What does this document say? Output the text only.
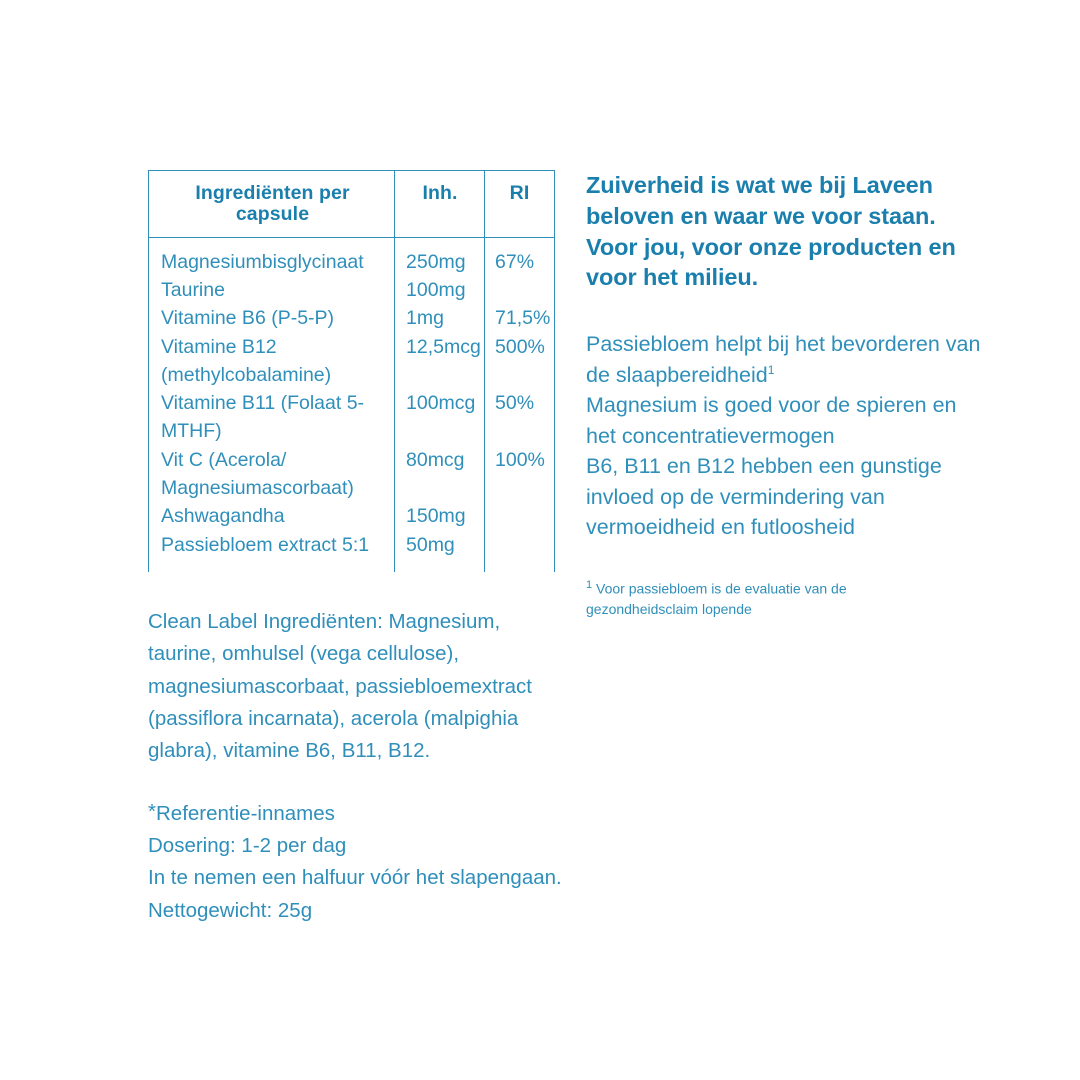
Ingrediënten per capsule	Inh.	RI
Magnesiumbisglycinaat	250mg	67%
Taurine	100mg	
Vitamine B6 (P-5-P)	1mg	71,5%
Vitamine B12 (methylcobalamine)	12,5mcg	500%
Vitamine B11 (Folaat 5-MTHF)	100mcg	50%
Vit C (Acerola/ Magnesiumascorbaat)	80mcg	100%
Ashwagandha	150mg	
Passiebloem extract 5:1	50mg	
Clean Label Ingrediënten: Magnesium, taurine, omhulsel (vega cellulose), magnesiumascorbaat, passiebloemextract (passiflora incarnata), acerola (malpighia glabra), vitamine B6, B11, B12.
*Referentie-innames
Dosering: 1-2 per dag
In te nemen een halfuur vóór het slapengaan.
Nettogewicht: 25g
Zuiverheid is wat we bij Laveen beloven en waar we voor staan. Voor jou, voor onze producten en voor het milieu.

Passiebloem helpt bij het bevorderen van de slaapbereidheid$^1$

Magnesium is goed voor de spieren en het concentratievermogen

B6, B11 en B12 hebben een gunstige invloed op de vermindering van vermoeidheid en futloosheid

$^1$ Voor passiebloem is de evaluatie van de gezondheidsclaim lopende
